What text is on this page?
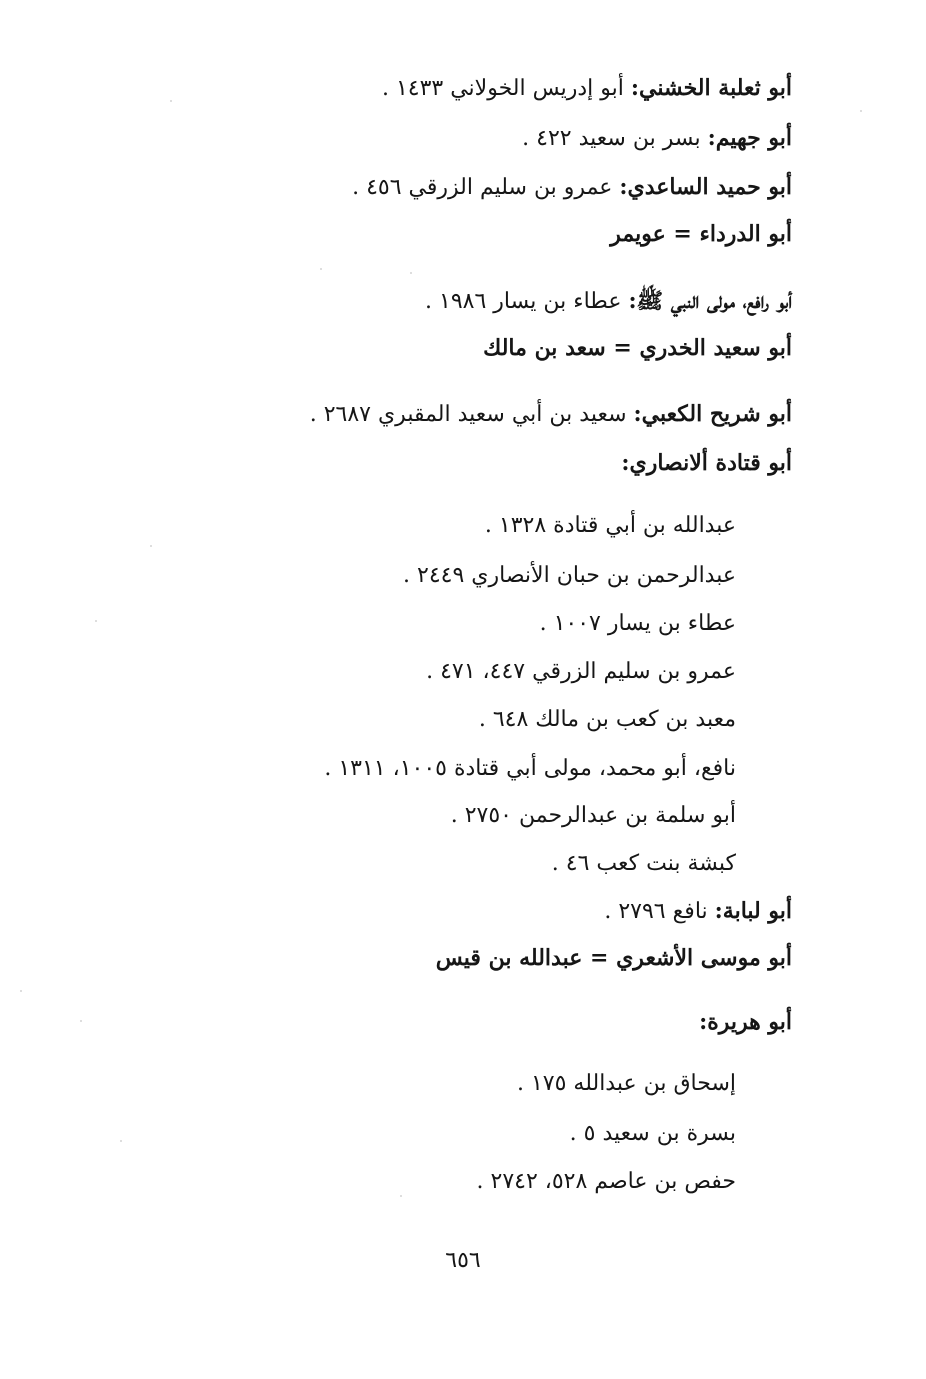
أبو ثعلبة الخشني: أبو إدريس الخولاني ١٤٣٣ .
أبو جهيم: بسر بن سعيد ٤٢٢ .
أبو حميد الساعدي: عمرو بن سليم الزرقي ٤٥٦ .
أبو الدرداء = عويمر
أبو رافع، مولى النبي ﷺ: عطاء بن يسار ١٩٨٦ .
أبو سعيد الخدري = سعد بن مالك
أبو شريح الكعبي: سعيد بن أبي سعيد المقبري ٢٦٨٧ .
أبو قتادة ألانصاري:
عبدالله بن أبي قتادة ١٣٢٨ .
عبدالرحمن بن حبان الأنصاري ٢٤٤٩ .
عطاء بن يسار ١٠٠٧ .
عمرو بن سليم الزرقي ٤٤٧، ٤٧١ .
معبد بن كعب بن مالك ٦٤٨ .
نافع، أبو محمد، مولى أبي قتادة ١٠٠٥، ١٣١١ .
أبو سلمة بن عبدالرحمن ٢٧٥٠ .
كبشة بنت كعب ٤٦ .
أبو لبابة: نافع ٢٧٩٦ .
أبو موسى الأشعري = عبدالله بن قيس
أبو هريرة:
إسحاق بن عبدالله ١٧٥ .
بسرة بن سعيد ٥ .
حفص بن عاصم ٥٢٨، ٢٧٤٢ .
٦٥٦
